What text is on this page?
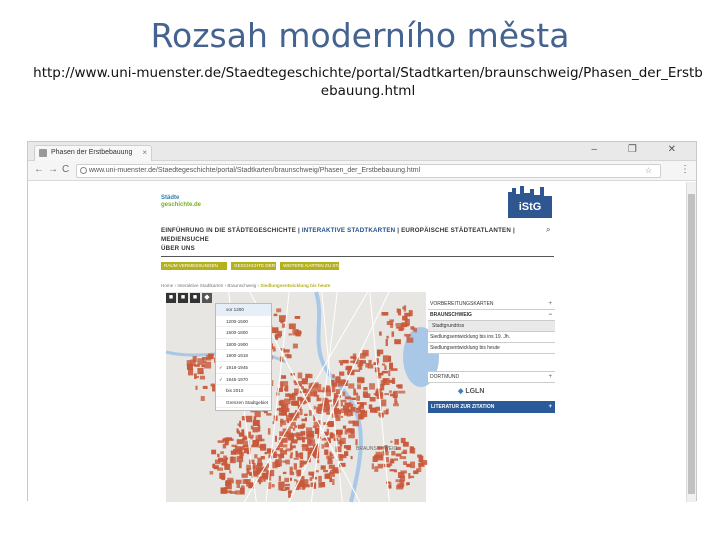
Rozsah moderního města
http://www.uni-muenster.de/Staedtegeschichte/portal/Stadtkarten/braunschweig/Phasen_der_Erstbebauung.html
Phasen der Erstbebauung ×	– ❐ ✕
← → C	www.uni-muenster.de/Staedtegeschichte/portal/Stadtkarten/braunschweig/Phasen_der_Erstbebauung.html	☆	⋮
Städte
geschichte.de	iStG
EINFÜHRUNG IN DIE STÄDTEGESCHICHTE | INTERAKTIVE STADTKARTEN | EUROPÄISCHE STÄDTEATLANTEN | MEDIENSUCHE
ÜBER UNS
⌕
RAUM VERMESSUNGEN	GESCHICHTE DER	WEITERE KARTEN ZU STÄDTEN
Home › Interaktive Stadtkarten › Braunschweig › Siedlungsentwicklung bis heute
BRAUNSCHWEIG
■	■	■	◆
vor 1200
1200-1500
1500-1800
1800-1900
1900-1918
✓ 1918-1945
✓ 1945-1970
bis 2010
Grenzen Stadtgebiet
VORBEREITUNGSKARTEN	+
BRAUNSCHWEIG	−
Stadtgrundriss
Siedlungsentwicklung bis ins 19. Jh.
Siedlungsentwicklung bis heute
DORTMUND	+
◆ LGLN
LITERATUR ZUR ZITATION	+
